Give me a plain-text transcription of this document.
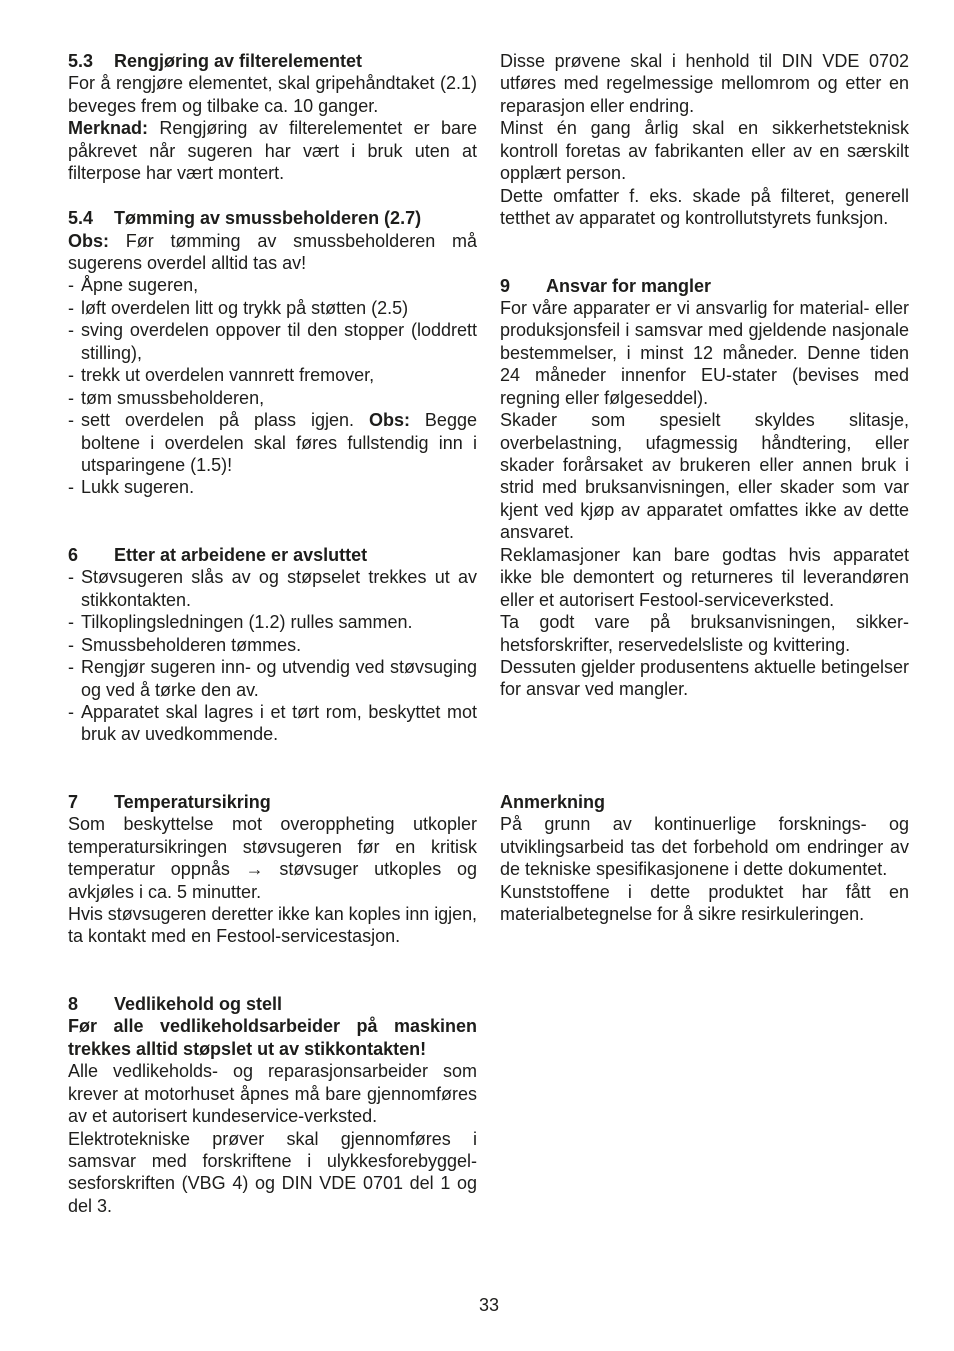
5.3 Rengjøring av filterelementet
For å rengjøre elementet, skal gripehåndtaket (2.1)
beveges frem og tilbake ca. 10 ganger.
Merknad: Rengjøring av filterelementet er bare
påkrevet når sugeren har vært i bruk uten at
filterpose har vært montert.
5.4 Tømming av smussbeholderen (2.7)
Obs: Før tømming av smussbeholderen må
sugerens overdel alltid tas av!
- Åpne sugeren,
- løft overdelen litt og trykk på støtten (2.5)
- sving overdelen oppover til den stopper (loddrett
stilling),
- trekk ut overdelen vannrett fremover,
- tøm smussbeholderen,
- sett overdelen på plass igjen. Obs: Begge
boltene i overdelen skal føres fullstendig inn i
utsparingene (1.5)!
- Lukk sugeren.
6 Etter at arbeidene er avsluttet
- Støvsugeren slås av og støpselet trekkes ut av
stikkontakten.
- Tilkoplingsledningen (1.2) rulles sammen.
- Smussbeholderen tømmes.
- Rengjør sugeren inn- og utvendig ved støvsuging
og ved å tørke den av.
- Apparatet skal lagres i et tørt rom, beskyttet mot
bruk av uvedkommende.
7 Temperatursikring
Som beskyttelse mot overoppheting utkopler
temperatursikringen støvsugeren før en kritisk
temperatur oppnås → støvsuger utkoples og
avkjøles i ca. 5 minutter.
Hvis støvsugeren deretter ikke kan koples inn igjen,
ta kontakt med en Festool-servicestasjon.
8 Vedlikehold og stell
Før alle vedlikeholdsarbeider på maskinen
trekkes alltid støpslet ut av stikkontakten!
Alle vedlikeholds- og reparasjonsarbeider som
krever at motorhuset åpnes må bare gjennomføres
av et autorisert kundeservice-verksted.
Elektrotekniske prøver skal gjennomføres i
samsvar med forskriftene i ulykkesforebyggel-
sesforskriften (VBG 4) og DIN VDE 0701 del 1 og
del 3.
Disse prøvene skal i henhold til DIN VDE 0702
utføres med regelmessige mellomrom og etter en
reparasjon eller endring.
Minst én gang årlig skal en sikkerhetsteknisk
kontroll foretas av fabrikanten eller av en særskilt
opplært person.
Dette omfatter f. eks. skade på filteret, generell
tetthet av apparatet og kontrollutstyrets funksjon.
9 Ansvar for mangler
For våre apparater er vi ansvarlig for material- eller
produksjonsfeil i samsvar med gjeldende nasjonale
bestemmelser, i minst 12 måneder. Denne tiden
24 måneder innenfor EU-stater (bevises med
regning eller følgeseddel).
Skader som spesielt skyldes slitasje,
overbelastning, ufagmessig håndtering, eller
skader forårsaket av brukeren eller annen bruk i
strid med bruksanvisningen, eller skader som var
kjent ved kjøp av apparatet omfattes ikke av dette
ansvaret.
Reklamasjoner kan bare godtas hvis apparatet
ikke ble demontert og returneres til leverandøren
eller et autorisert Festool-serviceverksted.
Ta godt vare på bruksanvisningen, sikker-
hetsforskrifter, reservedelsliste og kvittering.
Dessuten gjelder produsentens aktuelle betingelser
for ansvar ved mangler.
Anmerkning
På grunn av kontinuerlige forsknings- og
utviklingsarbeid tas det forbehold om endringer av
de tekniske spesifikasjonene i dette dokumentet.
Kunststoffene i dette produktet har fått en
materialbetegnelse for å sikre resirkuleringen.
33
